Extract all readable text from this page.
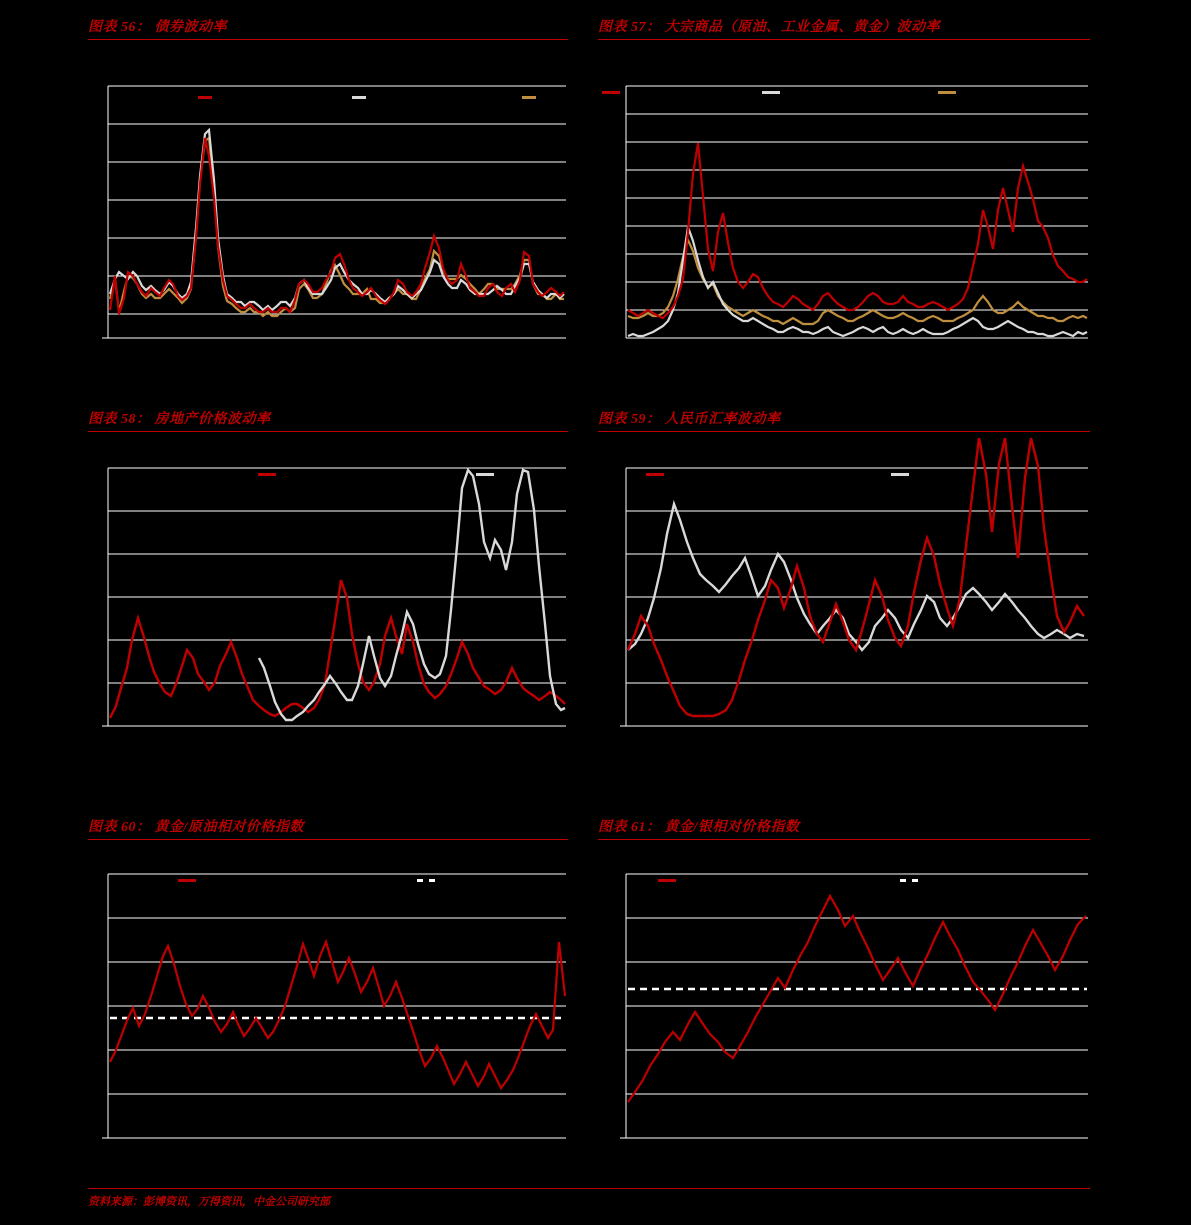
图表 56： 债券波动率	图表 57： 大宗商品（原油、工业金属、黄金）波动率
图表 58： 房地产价格波动率	图表 59： 人民币汇率波动率
图表 60： 黄金/原油相对价格指数	图表 61： 黄金/银相对价格指数
资料来源：彭博资讯，万得资讯，中金公司研究部
